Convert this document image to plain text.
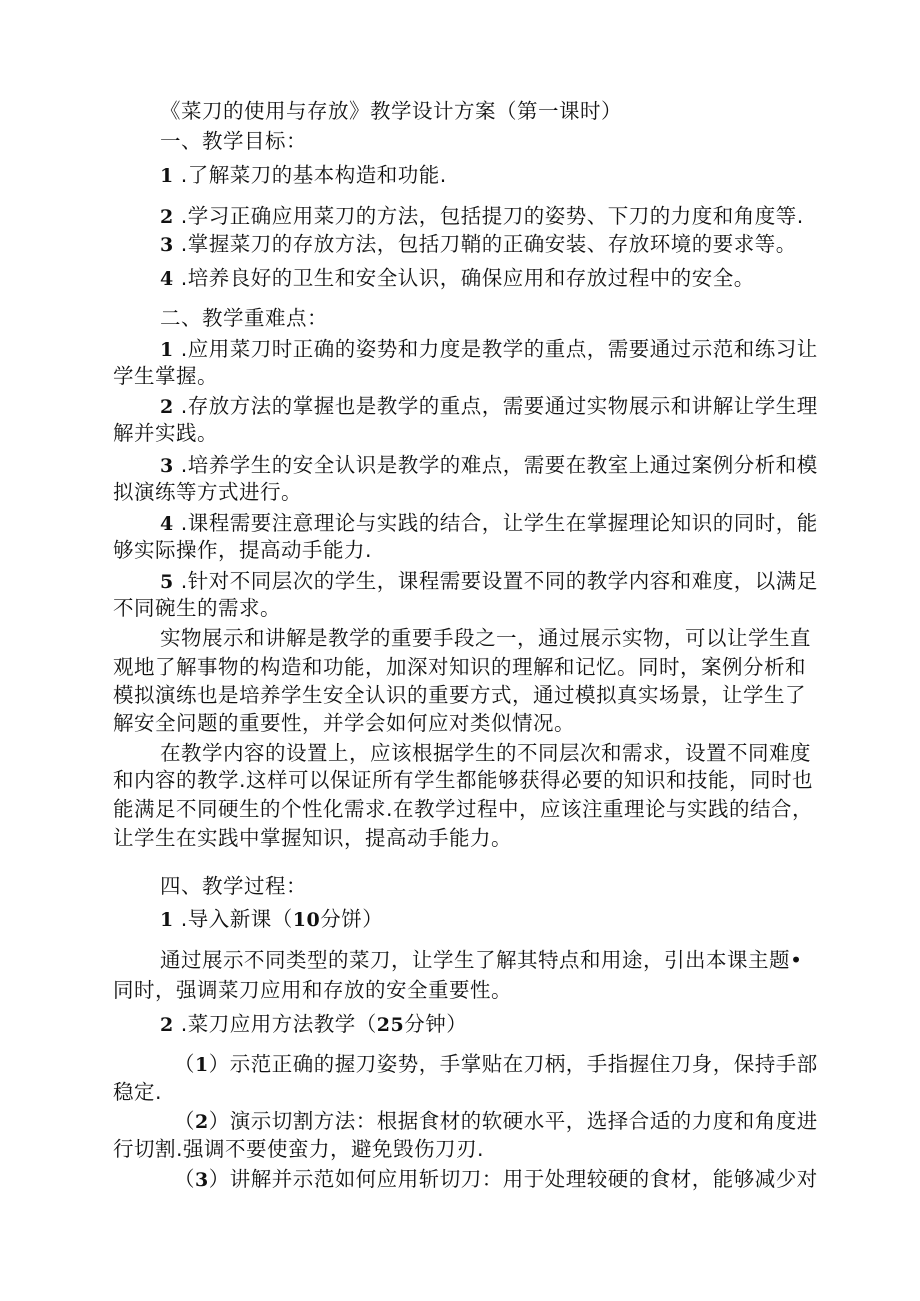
《菜刀的使用与存放》教学设计方案（第一课时）
一、教学目标：
1 .了解菜刀的基本构造和功能.
2 .学习正确应用菜刀的方法，包括提刀的姿势、下刀的力度和角度等.
3 .掌握菜刀的存放方法，包括刀鞘的正确安装、存放环境的要求等。
4 .培养良好的卫生和安全认识，确保应用和存放过程中的安全。
二、教学重难点：
1 .应用菜刀时正确的姿势和力度是教学的重点，需要通过示范和练习让
学生掌握。
2 .存放方法的掌握也是教学的重点，需要通过实物展示和讲解让学生理
解并实践。
3 .培养学生的安全认识是教学的难点，需要在教室上通过案例分析和模
拟演练等方式进行。
4 .课程需要注意理论与实践的结合，让学生在掌握理论知识的同时，能
够实际操作，提高动手能力.
5 .针对不同层次的学生，课程需要设置不同的教学内容和难度，以满足
不同碗生的需求。
实物展示和讲解是教学的重要手段之一，通过展示实物，可以让学生直
观地了解事物的构造和功能，加深对知识的理解和记忆。同时，案例分析和
模拟演练也是培养学生安全认识的重要方式，通过模拟真实场景，让学生了
解安全问题的重要性，并学会如何应对类似情况。
在教学内容的设置上，应该根据学生的不同层次和需求，设置不同难度
和内容的教学.这样可以保证所有学生都能够获得必要的知识和技能，同时也
能满足不同硬生的个性化需求.在教学过程中，应该注重理论与实践的结合，
让学生在实践中掌握知识，提高动手能力。
四、教学过程：
1 .导入新课（10分饼）
通过展示不同类型的菜刀，让学生了解其特点和用途，引出本课主题•
同时，强调菜刀应用和存放的安全重要性。
2 .菜刀应用方法教学（25分钟）
（1）示范正确的握刀姿势，手掌贴在刀柄，手指握住刀身，保持手部
稳定.
（2）演示切割方法：根据食材的软硬水平，选择合适的力度和角度进
行切割.强调不要使蛮力，避免毁伤刀刃.
（3）讲解并示范如何应用斩切刀：用于处理较硬的食材，能够减少对
